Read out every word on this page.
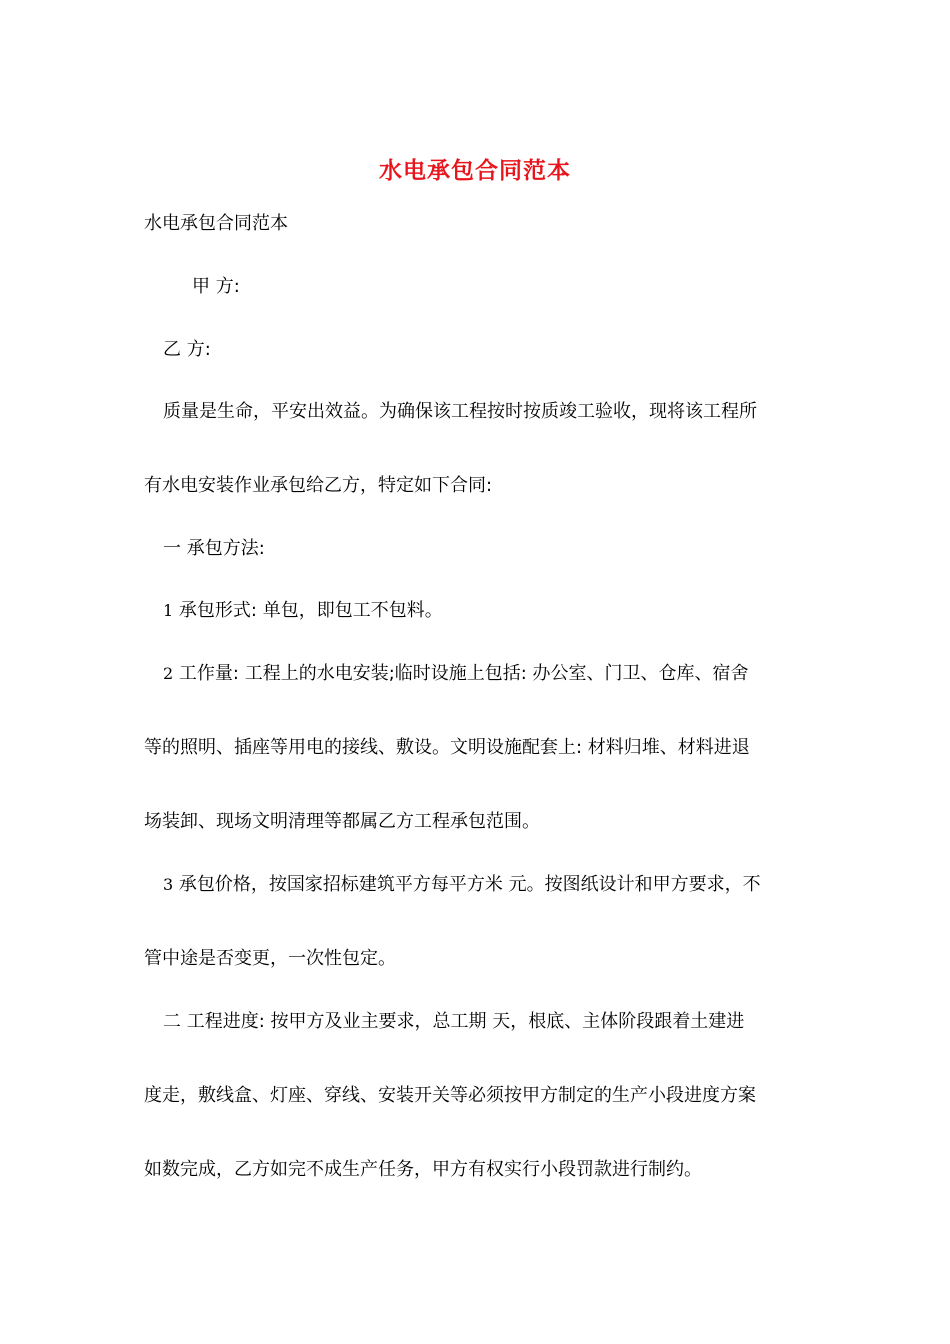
水电承包合同范本
水电承包合同范本
甲 方:
乙 方:
质量是生命，平安出效益。为确保该工程按时按质竣工验收，现将该工程所
有水电安装作业承包给乙方，特定如下合同:
一 承包方法:
1 承包形式: 单包，即包工不包料。
2 工作量: 工程上的水电安装;临时设施上包括: 办公室、门卫、仓库、宿舍
等的照明、插座等用电的接线、敷设。文明设施配套上: 材料归堆、材料进退
场装卸、现场文明清理等都属乙方工程承包范围。
3 承包价格，按国家招标建筑平方每平方米 元。按图纸设计和甲方要求，不
管中途是否变更，一次性包定。
二 工程进度: 按甲方及业主要求，总工期 天，根底、主体阶段跟着土建进
度走，敷线盒、灯座、穿线、安装开关等必须按甲方制定的生产小段进度方案
如数完成，乙方如完不成生产任务，甲方有权实行小段罚款进行制约。
